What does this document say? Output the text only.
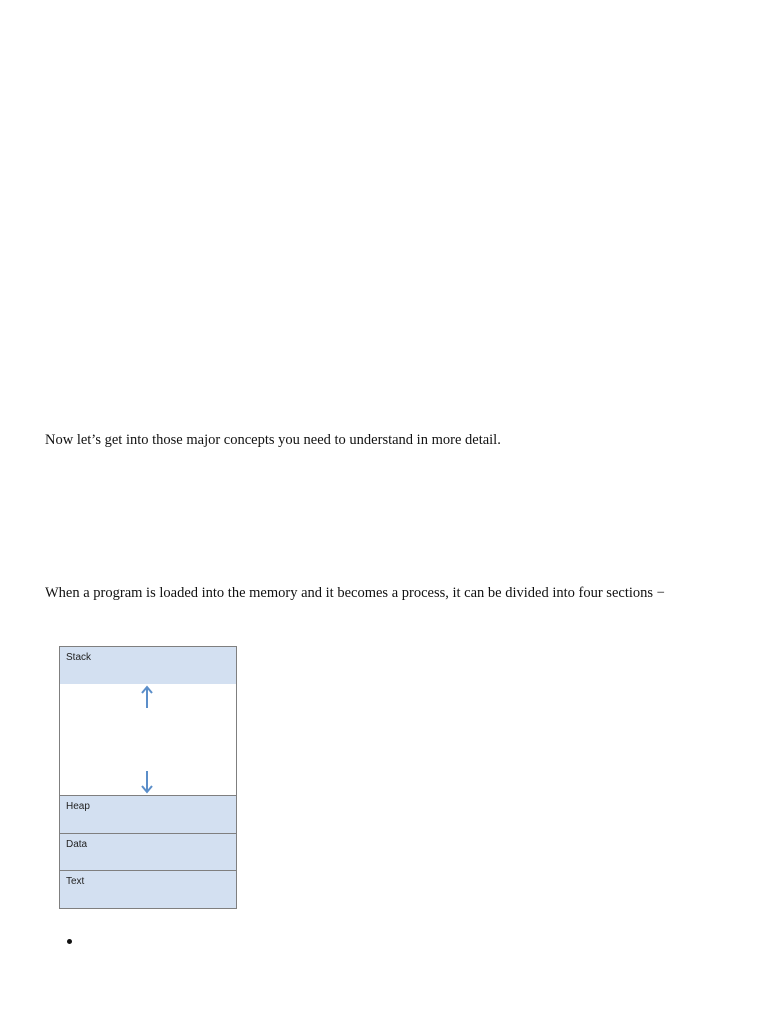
Now let’s get into those major concepts you need to understand in more detail.

When a program is loaded into the memory and it becomes a process, it can be divided into four sections −

Stack
Heap
Data
Text
